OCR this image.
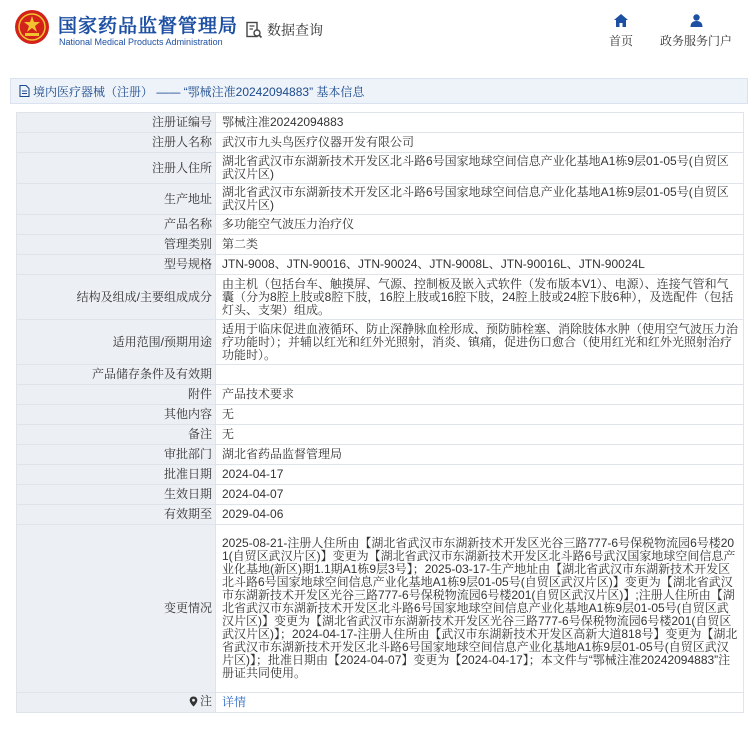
国家药品监督管理局
National Medical Products Administration
数据查询
首页 政务服务门户
境内医疗器械（注册） —— “鄂械注准20242094883” 基本信息
注册证编号	鄂械注准20242094883
注册人名称	武汉市九头鸟医疗仪器开发有限公司
注册人住所	湖北省武汉市东湖新技术开发区北斗路6号国家地球空间信息产业化基地A1栋9层01-05号(自贸区武汉片区)
生产地址	湖北省武汉市东湖新技术开发区北斗路6号国家地球空间信息产业化基地A1栋9层01-05号(自贸区武汉片区)
产品名称	多功能空气波压力治疗仪
管理类别	第二类
型号规格	JTN-9008、JTN-90016、JTN-90024、JTN-9008L、JTN-90016L、JTN-90024L
结构及组成/主要组成成分	由主机（包括台车、触摸屏、气源、控制板及嵌入式软件（发布版本V1）、电源）、连接气管和气囊（分为8腔上肢或8腔下肢，16腔上肢或16腔下肢，24腔上肢或24腔下肢6种），及选配件（包括灯头、支架）组成。
适用范围/预期用途	适用于临床促进血液循环、防止深静脉血栓形成、预防肺栓塞、消除肢体水肿（使用空气波压力治疗功能时）；并辅以红光和红外光照射，消炎、镇痛，促进伤口愈合（使用红光和红外光照射治疗功能时）。
产品储存条件及有效期	
附件	产品技术要求
其他内容	无
备注	无
审批部门	湖北省药品监督管理局
批准日期	2024-04-17
生效日期	2024-04-07
有效期至	2029-04-06
变更情况	2025-08-21-注册人住所由【湖北省武汉市东湖新技术开发区光谷三路777-6号保税物流园6号楼201(自贸区武汉片区)】变更为【湖北省武汉市东湖新技术开发区北斗路6号武汉国家地球空间信息产业化基地(新区)期1.1期A1栋9层3号】；2025-03-17-生产地址由【湖北省武汉市东湖新技术开发区北斗路6号国家地球空间信息产业化基地A1栋9层01-05号(自贸区武汉片区)】变更为【湖北省武汉市东湖新技术开发区光谷三路777-6号保税物流园6号楼201(自贸区武汉片区)】;注册人住所由【湖北省武汉市东湖新技术开发区北斗路6号国家地球空间信息产业化基地A1栋9层01-05号(自贸区武汉片区)】变更为【湖北省武汉市东湖新技术开发区光谷三路777-6号保税物流园6号楼201(自贸区武汉片区)】；2024-04-17-注册人住所由【武汉市东湖新技术开发区高新大道818号】变更为【湖北省武汉市东湖新技术开发区北斗路6号国家地球空间信息产业化基地A1栋9层01-05号(自贸区武汉片区)】；批准日期由【2024-04-07】变更为【2024-04-17】；本文件与“鄂械注准20242094883”注册证共同使用。

注	详情
